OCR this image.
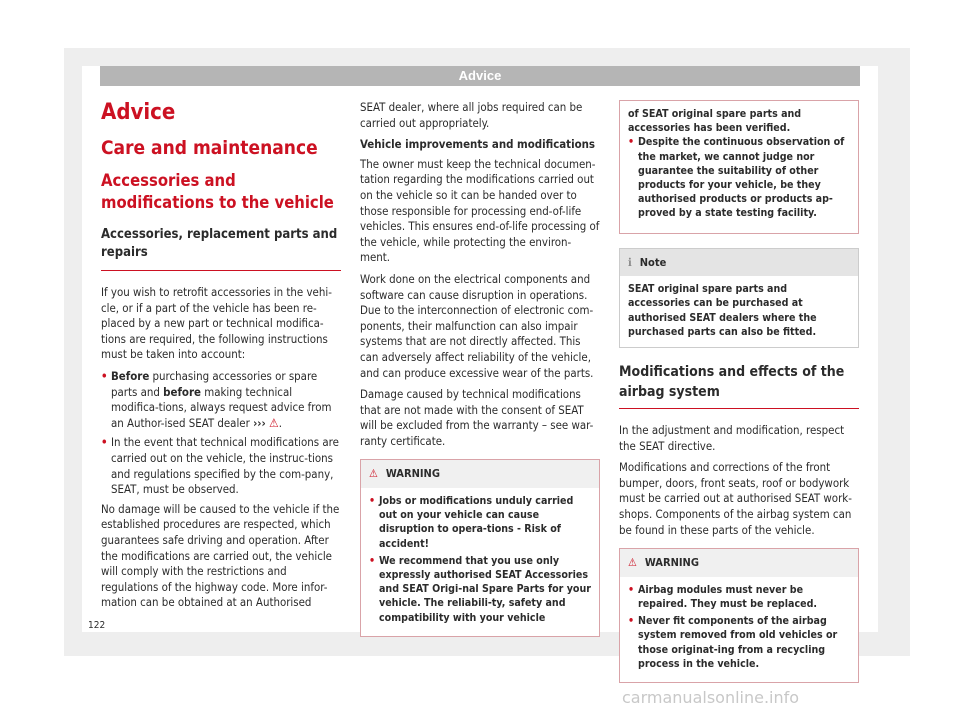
Advice
Advice
Care and maintenance
Accessories and modifications to the vehicle
Accessories, replacement parts and repairs

If you wish to retrofit accessories in the vehi-cle, or if a part of the vehicle has been re-placed by a new part or technical modifica-tions are required, the following instructions must be taken into account:

• Before purchasing accessories or spare parts and before making technical modifica-tions, always request advice from an Author-ised SEAT dealer ››› ⚠.
• In the event that technical modifications are carried out on the vehicle, the instruc-tions and regulations specified by the com-pany, SEAT, must be observed.

No damage will be caused to the vehicle if the established procedures are respected, which guarantees safe driving and operation. After the modifications are carried out, the vehicle will comply with the restrictions and regulations of the highway code. More infor-mation can be obtained at an Authorised

SEAT dealer, where all jobs required can be carried out appropriately.

Vehicle improvements and modifications

The owner must keep the technical documen-tation regarding the modifications carried out on the vehicle so it can be handed over to those responsible for processing end-of-life vehicles. This ensures end-of-life processing of the vehicle, while protecting the environ-ment.

Work done on the electrical components and software can cause disruption in operations. Due to the interconnection of electronic com-ponents, their malfunction can also impair systems that are not directly affected. This can adversely affect reliability of the vehicle, and can produce excessive wear of the parts.

Damage caused by technical modifications that are not made with the consent of SEAT will be excluded from the warranty – see war-ranty certificate.

⚠ WARNING
• Jobs or modifications unduly carried out on your vehicle can cause disruption to opera-tions - Risk of accident!
• We recommend that you use only expressly authorised SEAT Accessories and SEAT Origi-nal Spare Parts for your vehicle. The reliabili-ty, safety and compatibility with your vehicle
of SEAT original spare parts and accessories has been verified.
• Despite the continuous observation of the market, we cannot judge nor guarantee the suitability of other products for your vehicle, be they authorised products or products ap-proved by a state testing facility.
ℹ Note
SEAT original spare parts and accessories can be purchased at authorised SEAT dealers where the purchased parts can also be fitted.
Modifications and effects of the airbag system

In the adjustment and modification, respect the SEAT directive.

Modifications and corrections of the front bumper, doors, front seats, roof or bodywork must be carried out at authorised SEAT work-shops. Components of the airbag system can be found in these parts of the vehicle.

⚠ WARNING
• Airbag modules must never be repaired. They must be replaced.
• Never fit components of the airbag system removed from old vehicles or those originat-ing from a recycling process in the vehicle.
122
carmanualsonline.info
